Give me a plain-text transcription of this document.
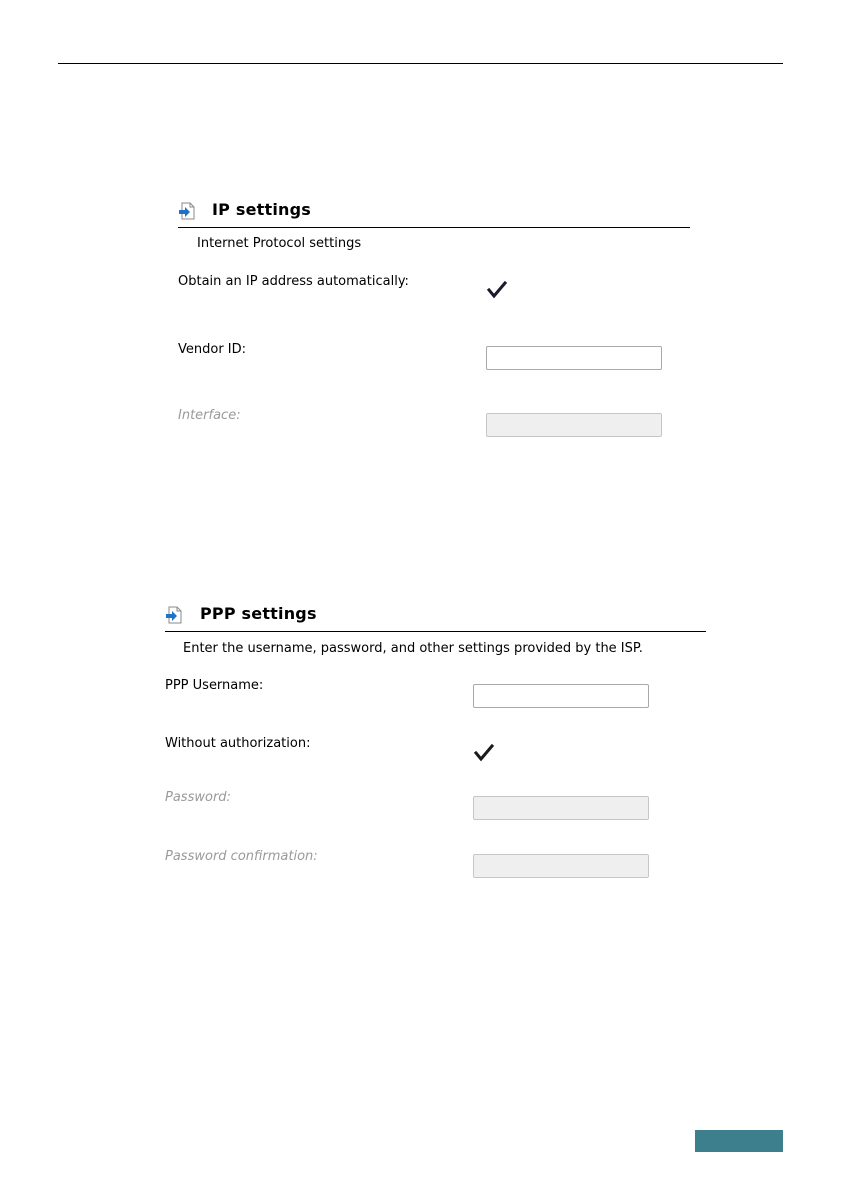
IP settings
Internet Protocol settings
Obtain an IP address automatically:
Vendor ID:
Interface:
PPP settings
Enter the username, password, and other settings provided by the ISP.
PPP Username:
Without authorization:
Password:
Password confirmation:
